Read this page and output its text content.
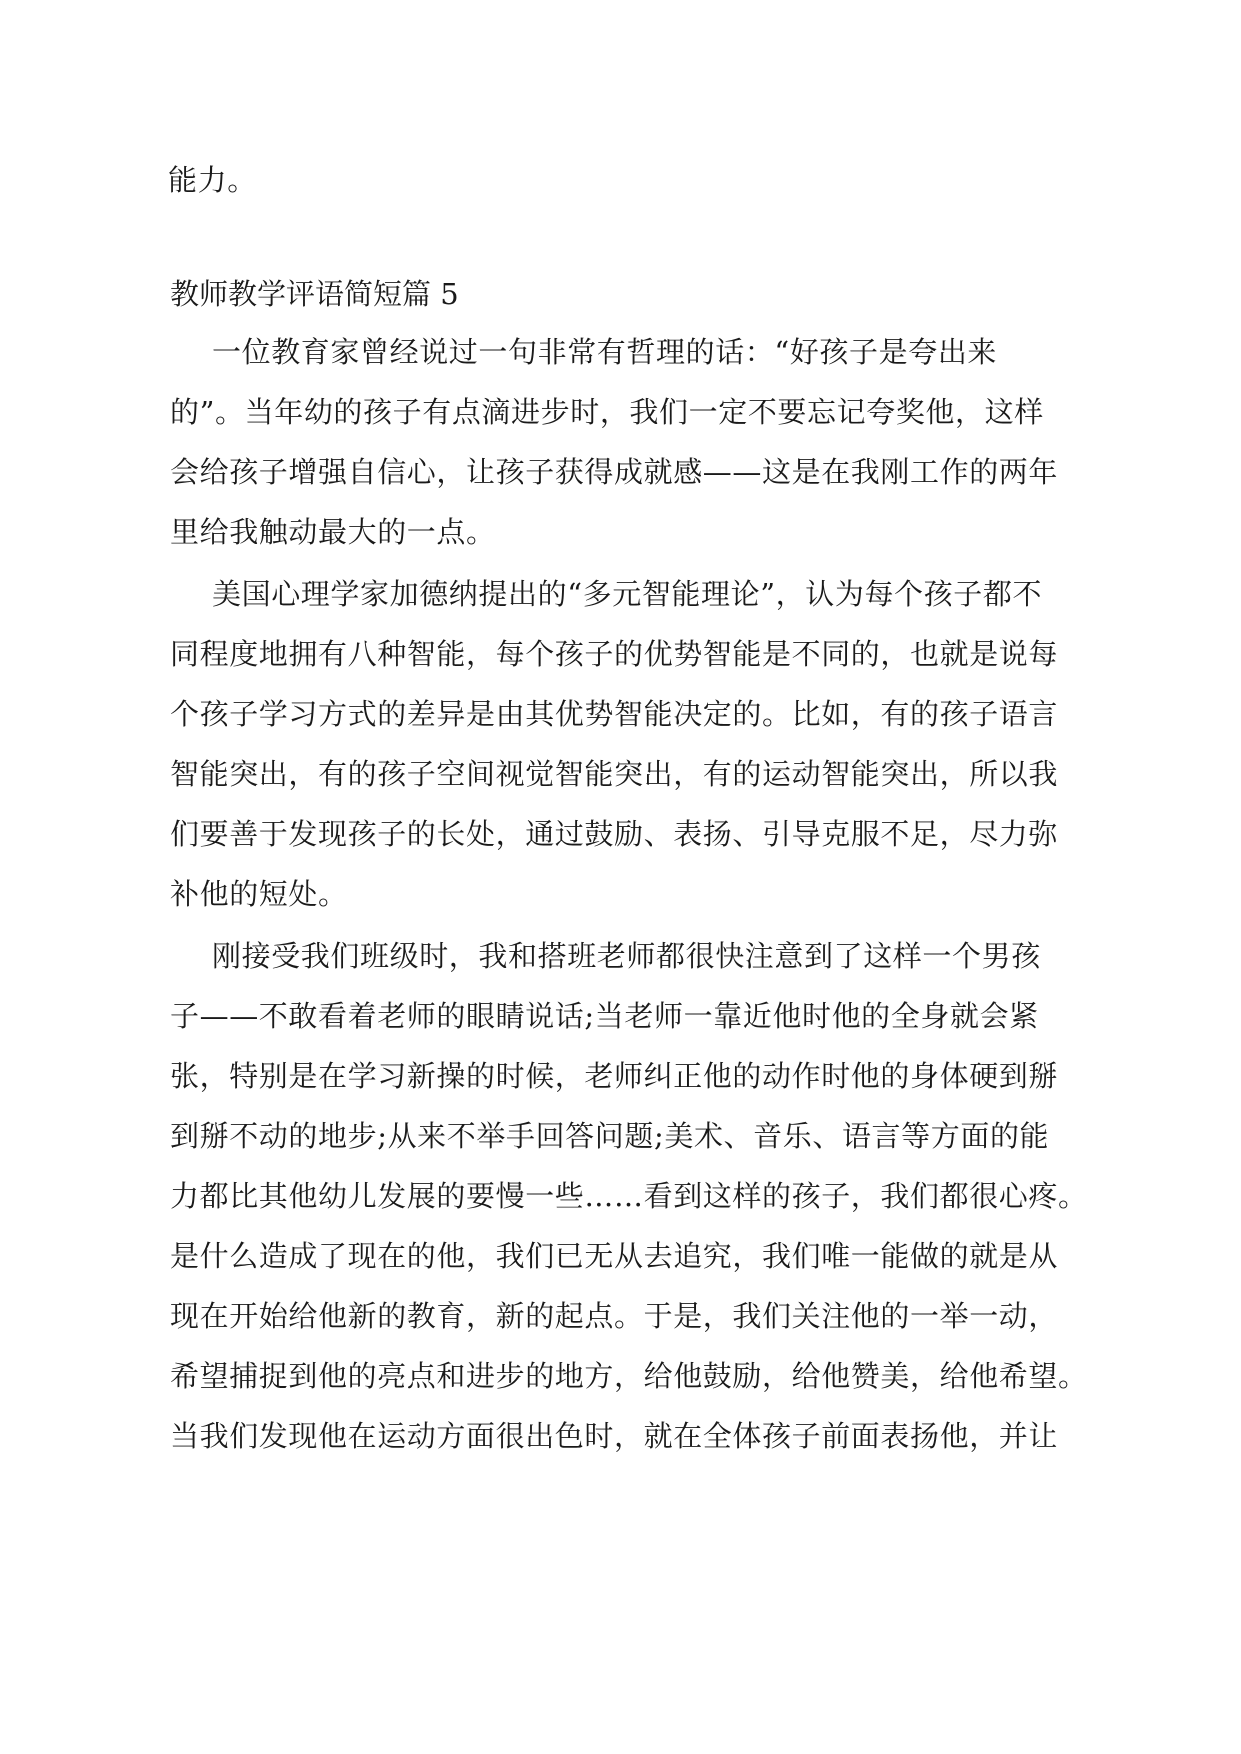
能力。

教师教学评语简短篇 5

一位教育家曾经说过一句非常有哲理的话：“好孩子是夸出来

的”。当年幼的孩子有点滴进步时，我们一定不要忘记夸奖他，这样

会给孩子增强自信心，让孩子获得成就感——这是在我刚工作的两年

里给我触动最大的一点。

美国心理学家加德纳提出的“多元智能理论”，认为每个孩子都不

同程度地拥有八种智能，每个孩子的优势智能是不同的，也就是说每

个孩子学习方式的差异是由其优势智能决定的。比如，有的孩子语言

智能突出，有的孩子空间视觉智能突出，有的运动智能突出，所以我

们要善于发现孩子的长处，通过鼓励、表扬、引导克服不足，尽力弥

补他的短处。

刚接受我们班级时，我和搭班老师都很快注意到了这样一个男孩

子——不敢看着老师的眼睛说话;当老师一靠近他时他的全身就会紧

张，特别是在学习新操的时候，老师纠正他的动作时他的身体硬到掰

到掰不动的地步;从来不举手回答问题;美术、音乐、语言等方面的能

力都比其他幼儿发展的要慢一些……看到这样的孩子，我们都很心疼。

是什么造成了现在的他，我们已无从去追究，我们唯一能做的就是从

现在开始给他新的教育，新的起点。于是，我们关注他的一举一动，

希望捕捉到他的亮点和进步的地方，给他鼓励，给他赞美，给他希望。

当我们发现他在运动方面很出色时，就在全体孩子前面表扬他，并让
